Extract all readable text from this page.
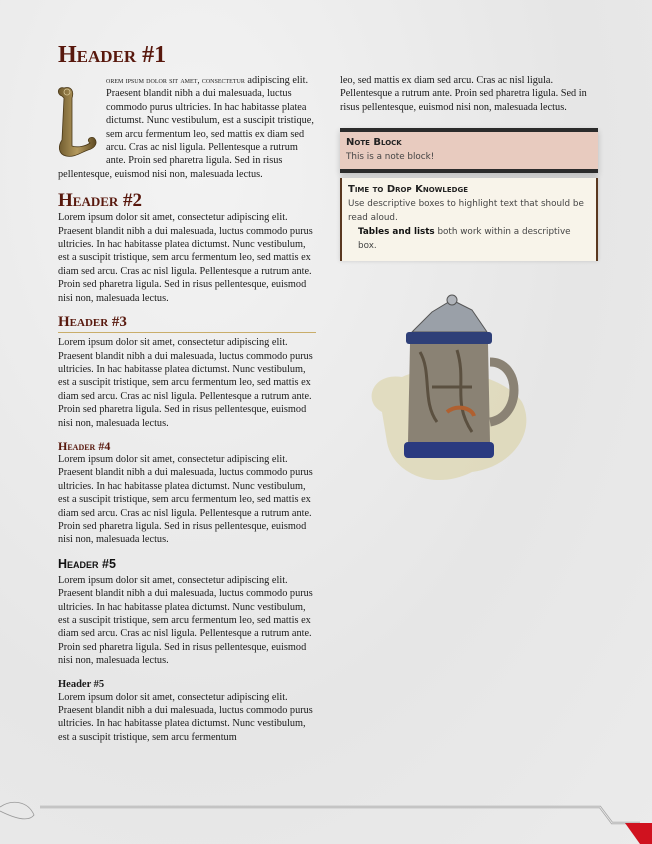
Header #1

orem ipsum dolor sit amet, consectetur adipiscing elit. Praesent blandit nibh a dui malesuada, luctus commodo purus ultricies. In hac habitasse platea dictumst. Nunc vestibulum, est a suscipit tristique, sem arcu fermentum leo, sed mattis ex diam sed arcu. Cras ac nisl ligula. Pellentesque a rutrum ante. Proin sed pharetra ligula. Sed in risus pellentesque, euismod nisi non, malesuada lectus.

Header #2

Lorem ipsum dolor sit amet, consectetur adipiscing elit. Praesent blandit nibh a dui malesuada, luctus commodo purus ultricies. In hac habitasse platea dictumst. Nunc vestibulum, est a suscipit tristique, sem arcu fermentum leo, sed mattis ex diam sed arcu. Cras ac nisl ligula. Pellentesque a rutrum ante. Proin sed pharetra ligula. Sed in risus pellentesque, euismod nisi non, malesuada lectus.

Header #3

Lorem ipsum dolor sit amet, consectetur adipiscing elit. Praesent blandit nibh a dui malesuada, luctus commodo purus ultricies. In hac habitasse platea dictumst. Nunc vestibulum, est a suscipit tristique, sem arcu fermentum leo, sed mattis ex diam sed arcu. Cras ac nisl ligula. Pellentesque a rutrum ante. Proin sed pharetra ligula. Sed in risus pellentesque, euismod nisi non, malesuada lectus.

Header #4

Lorem ipsum dolor sit amet, consectetur adipiscing elit. Praesent blandit nibh a dui malesuada, luctus commodo purus ultricies. In hac habitasse platea dictumst. Nunc vestibulum, est a suscipit tristique, sem arcu fermentum leo, sed mattis ex diam sed arcu. Cras ac nisl ligula. Pellentesque a rutrum ante. Proin sed pharetra ligula. Sed in risus pellentesque, euismod nisi non, malesuada lectus.

Header #5

Lorem ipsum dolor sit amet, consectetur adipiscing elit. Praesent blandit nibh a dui malesuada, luctus commodo purus ultricies. In hac habitasse platea dictumst. Nunc vestibulum, est a suscipit tristique, sem arcu fermentum leo, sed mattis ex diam sed arcu. Cras ac nisl ligula. Pellentesque a rutrum ante. Proin sed pharetra ligula. Sed in risus pellentesque, euismod nisi non, malesuada lectus.

Header #5

Lorem ipsum dolor sit amet, consectetur adipiscing elit. Praesent blandit nibh a dui malesuada, luctus commodo purus ultricies. In hac habitasse platea dictumst. Nunc vestibulum, est a suscipit tristique, sem arcu fermentum

leo, sed mattis ex diam sed arcu. Cras ac nisl ligula. Pellentesque a rutrum ante. Proin sed pharetra ligula. Sed in risus pellentesque, euismod nisi non, malesuada lectus.

Note Block
This is a note block!
Time to Drop Knowledge
Use descriptive boxes to highlight text that should be read aloud.
Tables and lists both work within a descriptive box.
